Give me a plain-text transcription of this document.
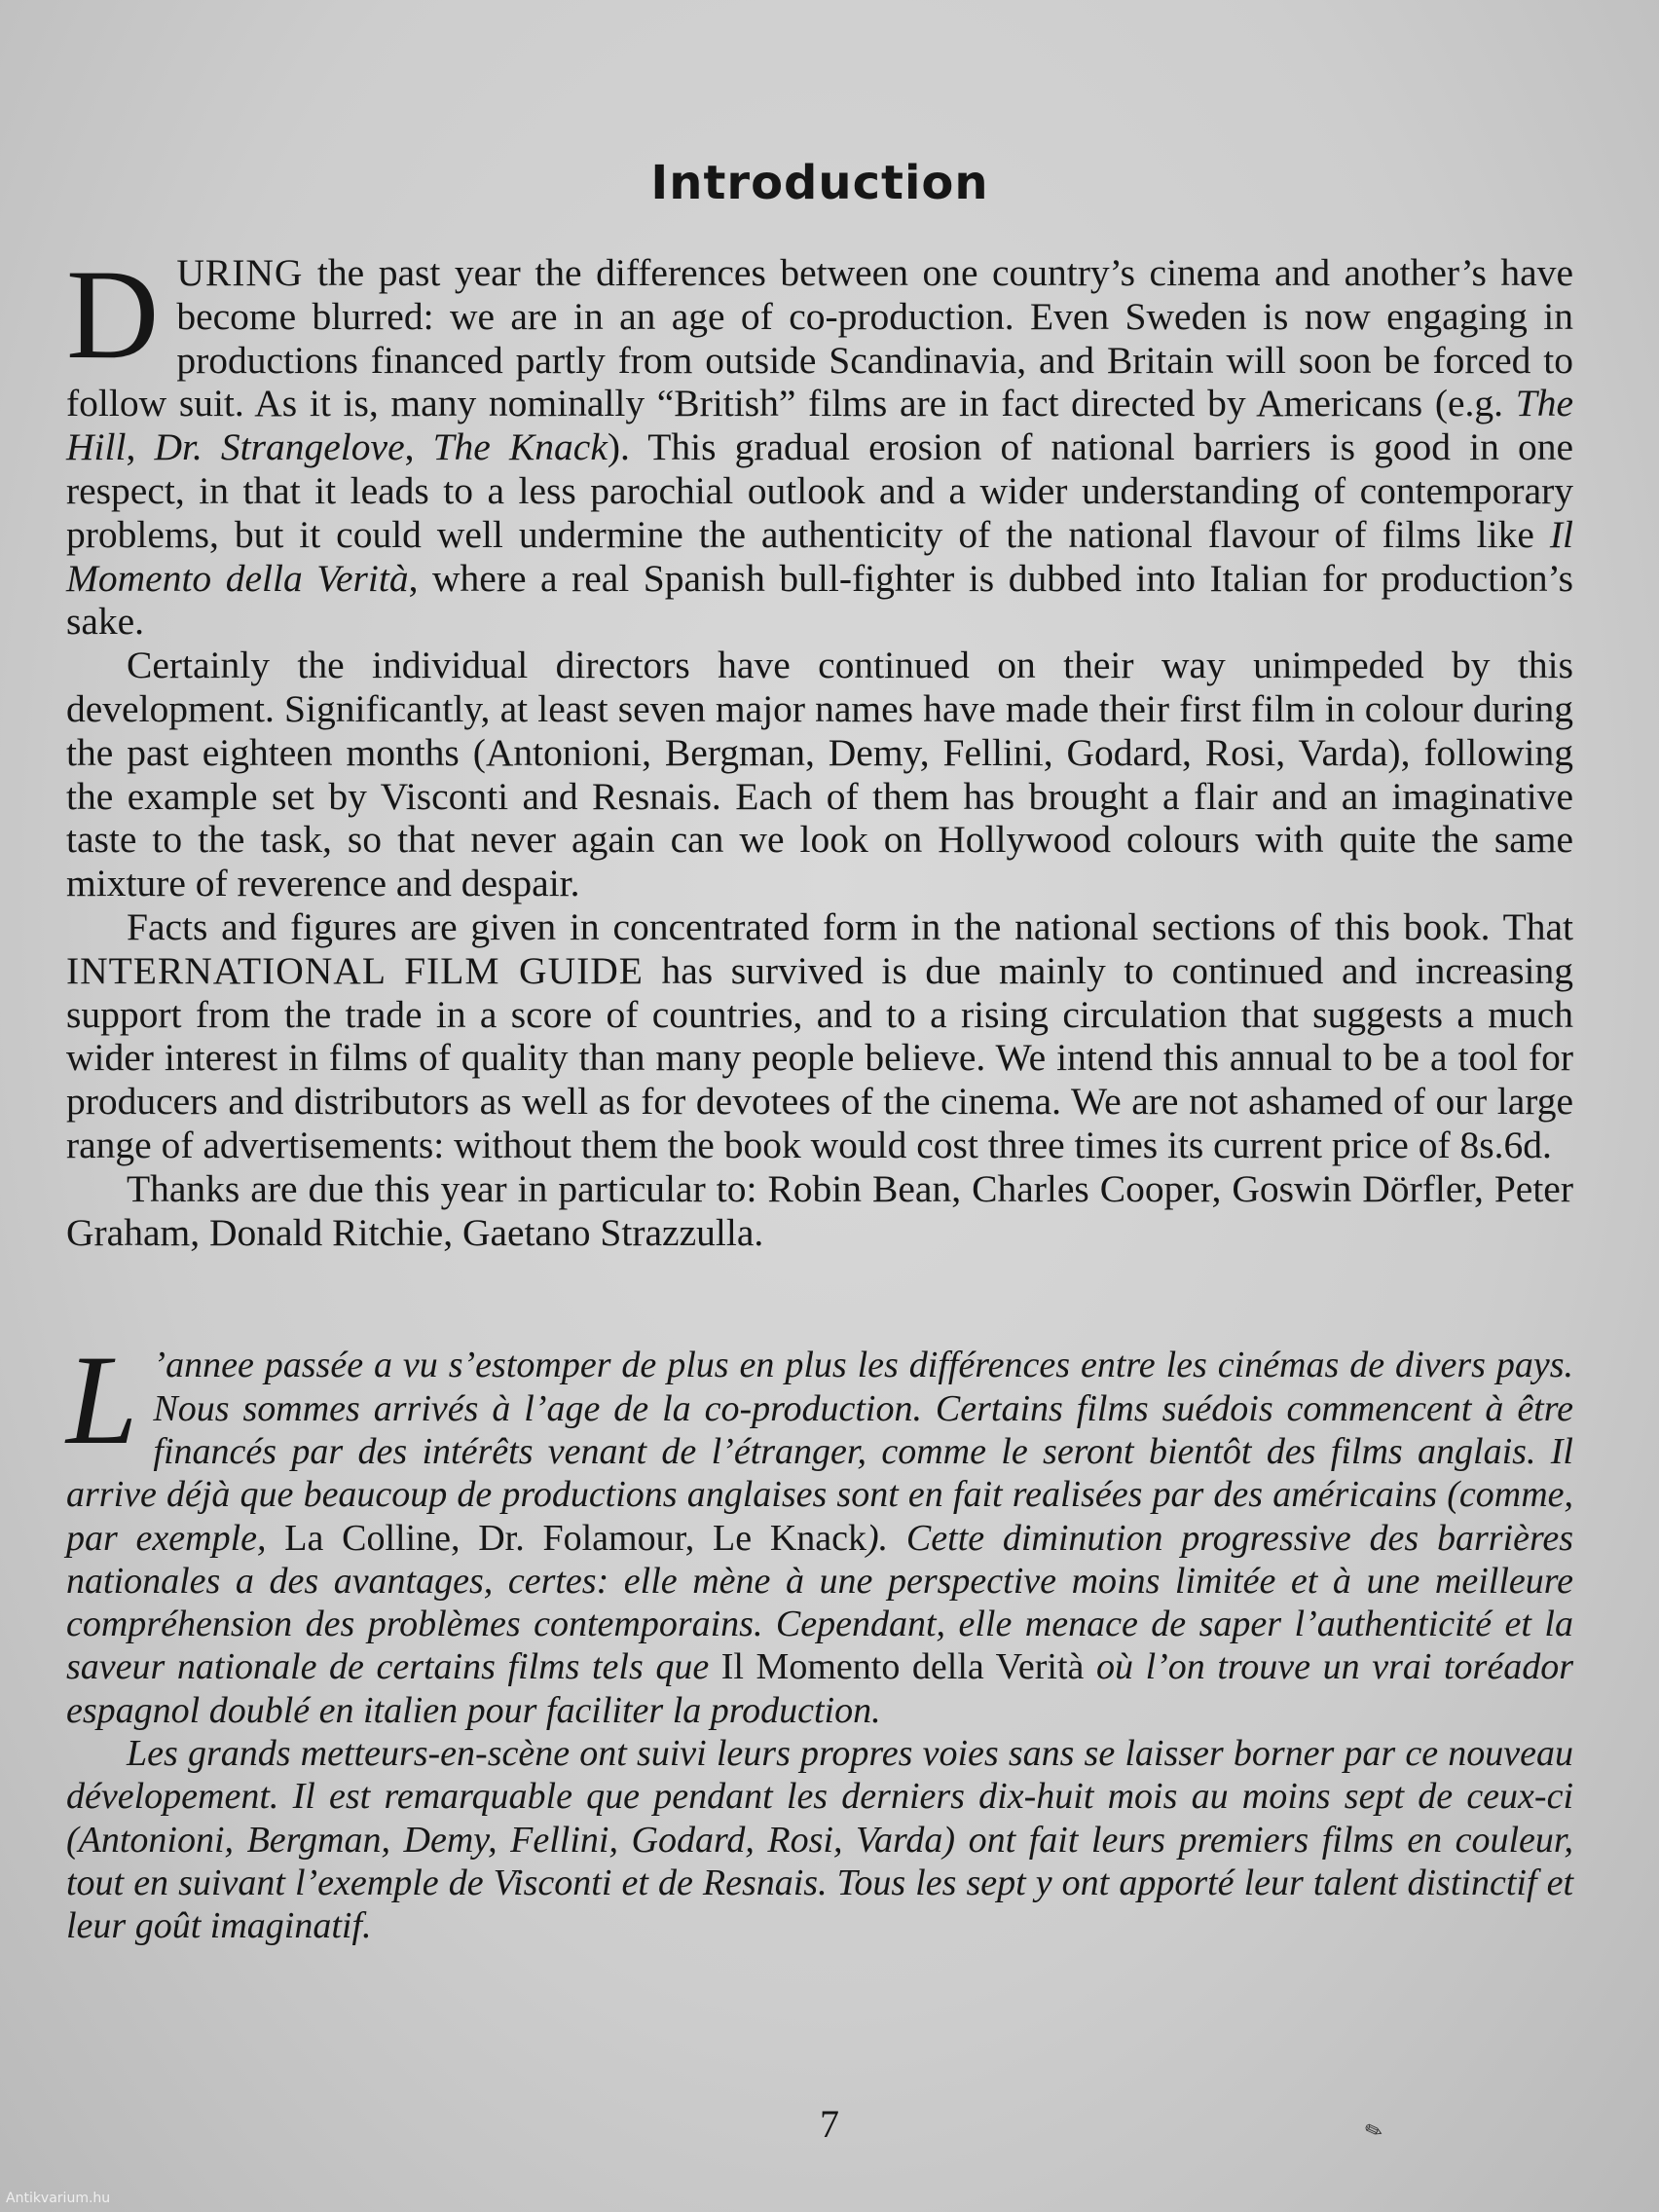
Introduction

DURING the past year the differences between one country’s cinema and another’s have become blurred: we are in an age of co-production. Even Sweden is now engaging in productions financed partly from outside Scandinavia, and Britain will soon be forced to follow suit. As it is, many nominally “British” films are in fact directed by Americans (e.g. The Hill, Dr. Strangelove, The Knack). This gradual erosion of national barriers is good in one respect, in that it leads to a less parochial outlook and a wider understanding of contemporary problems, but it could well undermine the authenticity of the national flavour of films like Il Momento della Verità, where a real Spanish bull-fighter is dubbed into Italian for production’s sake.

Certainly the individual directors have continued on their way unimpeded by this development. Significantly, at least seven major names have made their first film in colour during the past eighteen months (Antonioni, Bergman, Demy, Fellini, Godard, Rosi, Varda), following the example set by Visconti and Resnais. Each of them has brought a flair and an imaginative taste to the task, so that never again can we look on Hollywood colours with quite the same mixture of reverence and despair.

Facts and figures are given in concentrated form in the national sections of this book. That INTERNATIONAL FILM GUIDE has survived is due mainly to continued and increasing support from the trade in a score of countries, and to a rising circulation that suggests a much wider interest in films of quality than many people believe. We intend this annual to be a tool for producers and distributors as well as for devotees of the cinema. We are not ashamed of our large range of advertisements: without them the book would cost three times its current price of 8s.6d.

Thanks are due this year in particular to: Robin Bean, Charles Cooper, Goswin Dörfler, Peter Graham, Donald Ritchie, Gaetano Strazzulla.

L ’annee passée a vu s’estomper de plus en plus les différences entre les cinémas de divers pays. Nous sommes arrivés à l’age de la co-production. Certains films suédois commencent à être financés par des intérêts venant de l’étranger, comme le seront bientôt des films anglais. Il arrive déjà que beaucoup de productions anglaises sont en fait realisées par des américains (comme, par exemple, La Colline, Dr. Folamour, Le Knack). Cette diminution progressive des barrières nationales a des avantages, certes: elle mène à une perspective moins limitée et à une meilleure compréhension des problèmes contemporains. Cependant, elle menace de saper l’authenticité et la saveur nationale de certains films tels que Il Momento della Verità où l’on trouve un vrai toréador espagnol doublé en italien pour faciliter la production.

Les grands metteurs-en-scène ont suivi leurs propres voies sans se laisser borner par ce nouveau dévelopement. Il est remarquable que pendant les derniers dix-huit mois au moins sept de ceux-ci (Antonioni, Bergman, Demy, Fellini, Godard, Rosi, Varda) ont fait leurs premiers films en couleur, tout en suivant l’exemple de Visconti et de Resnais. Tous les sept y ont apporté leur talent distinctif et leur goût imaginatif.

7	✎
Antikvarium.hu
